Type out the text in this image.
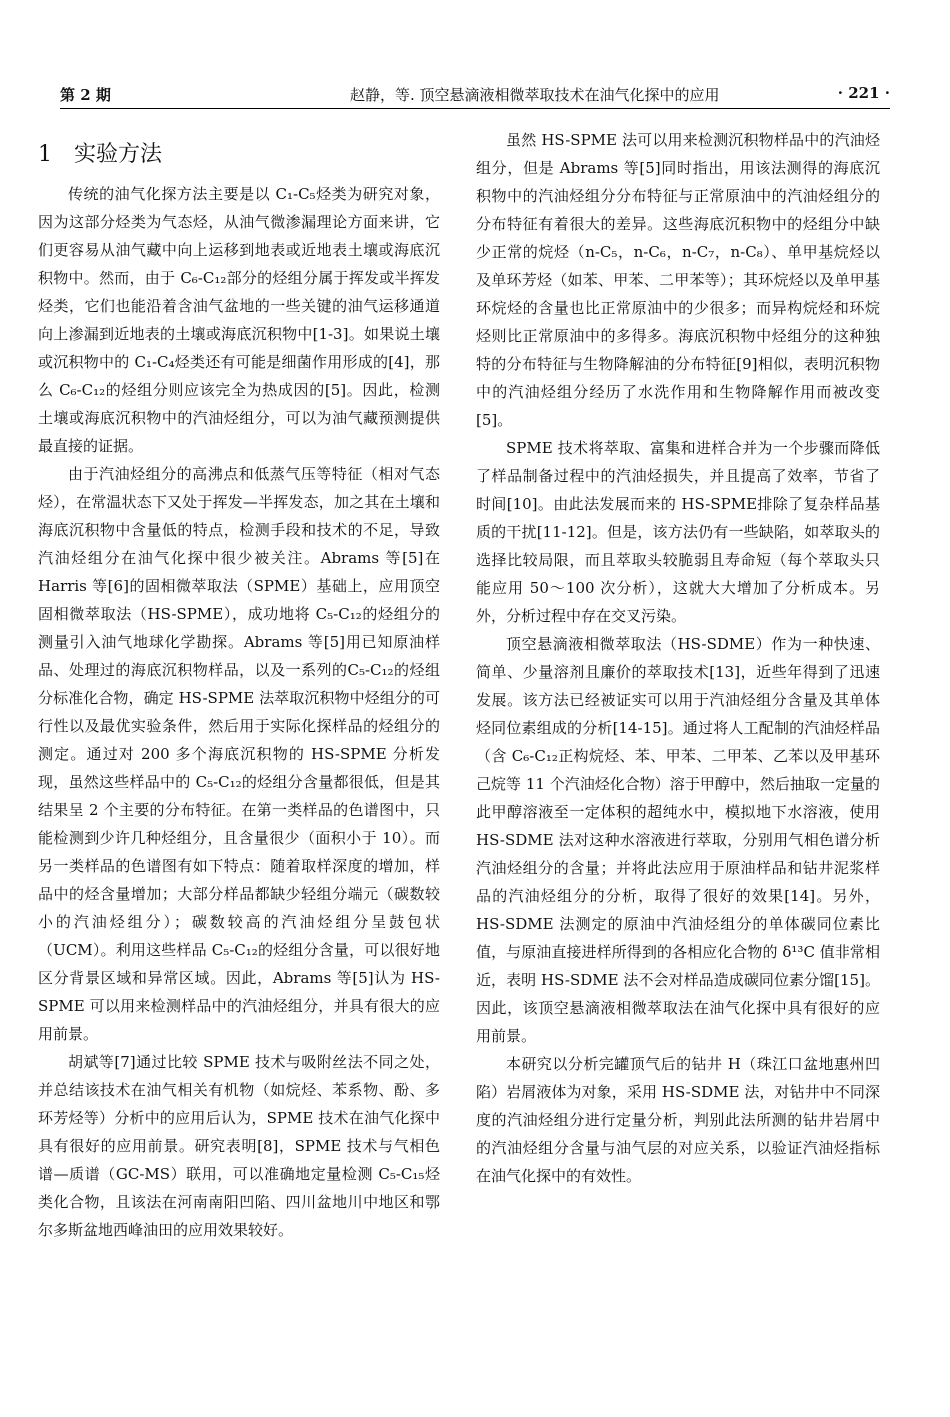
第 2 期	赵静，等. 顶空悬滴液相微萃取技术在油气化探中的应用	· 221 ·
1 实验方法

传统的油气化探方法主要是以 C₁-C₅烃类为研究对象，因为这部分烃类为气态烃，从油气微渗漏理论方面来讲，它们更容易从油气藏中向上运移到地表或近地表土壤或海底沉积物中。然而，由于 C₆-C₁₂部分的烃组分属于挥发或半挥发烃类，它们也能沿着含油气盆地的一些关键的油气运移通道向上渗漏到近地表的土壤或海底沉积物中[1-3]。如果说土壤或沉积物中的 C₁-C₄烃类还有可能是细菌作用形成的[4]，那么 C₆-C₁₂的烃组分则应该完全为热成因的[5]。因此，检测土壤或海底沉积物中的汽油烃组分，可以为油气藏预测提供最直接的证据。

由于汽油烃组分的高沸点和低蒸气压等特征（相对气态烃），在常温状态下又处于挥发—半挥发态，加之其在土壤和海底沉积物中含量低的特点，检测手段和技术的不足，导致汽油烃组分在油气化探中很少被关注。Abrams 等[5]在 Harris 等[6]的固相微萃取法（SPME）基础上，应用顶空固相微萃取法（HS-SPME），成功地将 C₅-C₁₂的烃组分的测量引入油气地球化学勘探。Abrams 等[5]用已知原油样品、处理过的海底沉积物样品，以及一系列的C₅-C₁₂的烃组分标准化合物，确定 HS-SPME 法萃取沉积物中烃组分的可行性以及最优实验条件，然后用于实际化探样品的烃组分的测定。通过对 200 多个海底沉积物的 HS-SPME 分析发现，虽然这些样品中的 C₅-C₁₂的烃组分含量都很低，但是其结果呈 2 个主要的分布特征。在第一类样品的色谱图中，只能检测到少许几种烃组分，且含量很少（面积小于 10）。而另一类样品的色谱图有如下特点：随着取样深度的增加，样品中的烃含量增加；大部分样品都缺少轻组分端元（碳数较小的汽油烃组分）；碳数较高的汽油烃组分呈鼓包状（UCM）。利用这些样品 C₅-C₁₂的烃组分含量，可以很好地区分背景区域和异常区域。因此，Abrams 等[5]认为 HS-SPME 可以用来检测样品中的汽油烃组分，并具有很大的应用前景。

胡斌等[7]通过比较 SPME 技术与吸附丝法不同之处，并总结该技术在油气相关有机物（如烷烃、苯系物、酚、多环芳烃等）分析中的应用后认为，SPME 技术在油气化探中具有很好的应用前景。研究表明[8]，SPME 技术与气相色谱—质谱（GC-MS）联用，可以准确地定量检测 C₅-C₁₅烃类化合物，且该法在河南南阳凹陷、四川盆地川中地区和鄂尔多斯盆地西峰油田的应用效果较好。

虽然 HS-SPME 法可以用来检测沉积物样品中的汽油烃组分，但是 Abrams 等[5]同时指出，用该法测得的海底沉积物中的汽油烃组分分布特征与正常原油中的汽油烃组分的分布特征有着很大的差异。这些海底沉积物中的烃组分中缺少正常的烷烃（n-C₅，n-C₆，n-C₇，n-C₈）、单甲基烷烃以及单环芳烃（如苯、甲苯、二甲苯等）；其环烷烃以及单甲基环烷烃的含量也比正常原油中的少很多；而异构烷烃和环烷烃则比正常原油中的多得多。海底沉积物中烃组分的这种独特的分布特征与生物降解油的分布特征[9]相似，表明沉积物中的汽油烃组分经历了水洗作用和生物降解作用而被改变[5]。

SPME 技术将萃取、富集和进样合并为一个步骤而降低了样品制备过程中的汽油烃损失，并且提高了效率，节省了时间[10]。由此法发展而来的 HS-SPME排除了复杂样品基质的干扰[11-12]。但是，该方法仍有一些缺陷，如萃取头的选择比较局限，而且萃取头较脆弱且寿命短（每个萃取头只能应用 50～100 次分析），这就大大增加了分析成本。另外，分析过程中存在交叉污染。

顶空悬滴液相微萃取法（HS-SDME）作为一种快速、简单、少量溶剂且廉价的萃取技术[13]，近些年得到了迅速发展。该方法已经被证实可以用于汽油烃组分含量及其单体烃同位素组成的分析[14-15]。通过将人工配制的汽油烃样品（含 C₆-C₁₂正构烷烃、苯、甲苯、二甲苯、乙苯以及甲基环己烷等 11 个汽油烃化合物）溶于甲醇中，然后抽取一定量的此甲醇溶液至一定体积的超纯水中，模拟地下水溶液，使用 HS-SDME 法对这种水溶液进行萃取，分别用气相色谱分析汽油烃组分的含量；并将此法应用于原油样品和钻井泥浆样品的汽油烃组分的分析，取得了很好的效果[14]。另外，HS-SDME 法测定的原油中汽油烃组分的单体碳同位素比值，与原油直接进样所得到的各相应化合物的 δ¹³C 值非常相近，表明 HS-SDME 法不会对样品造成碳同位素分馏[15]。因此，该顶空悬滴液相微萃取法在油气化探中具有很好的应用前景。

本研究以分析完罐顶气后的钻井 H（珠江口盆地惠州凹陷）岩屑液体为对象，采用 HS-SDME 法，对钻井中不同深度的汽油烃组分进行定量分析，判别此法所测的钻井岩屑中的汽油烃组分含量与油气层的对应关系，以验证汽油烃指标在油气化探中的有效性。
